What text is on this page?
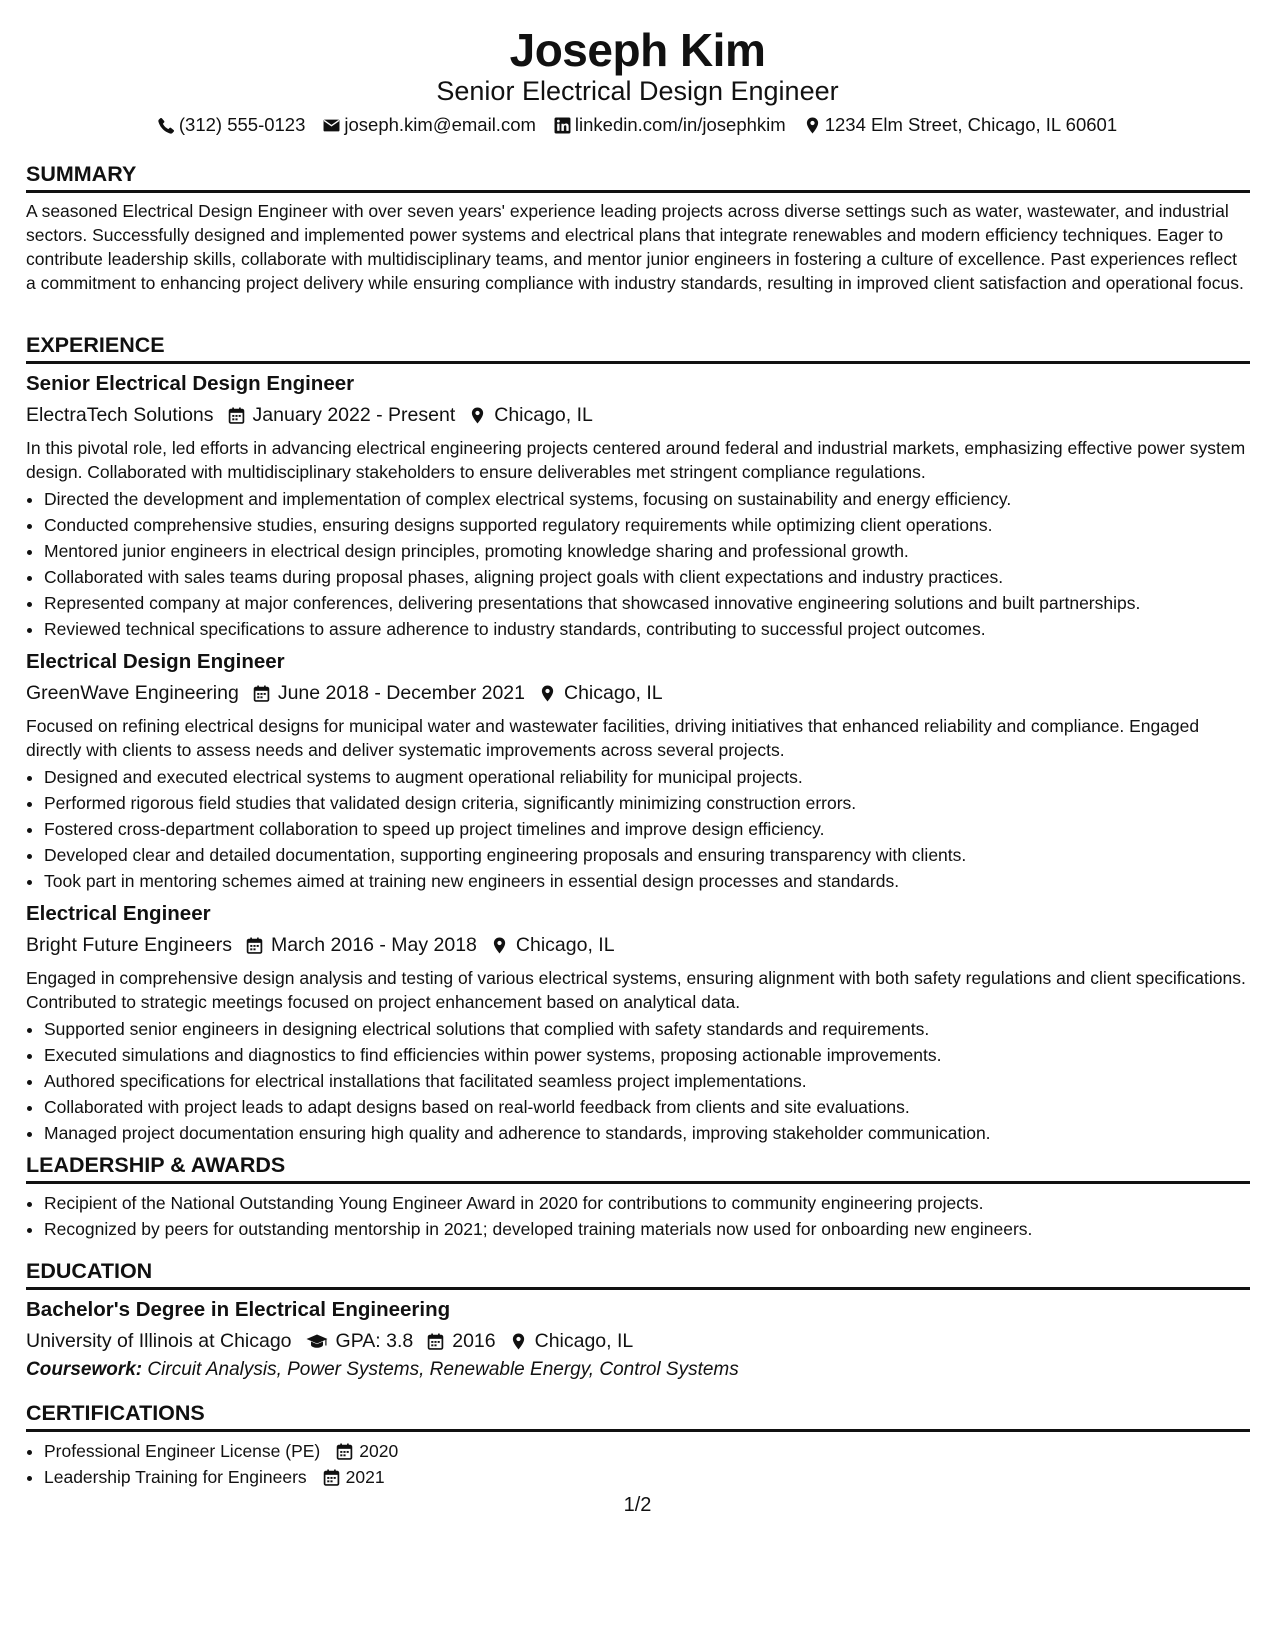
Joseph Kim
Senior Electrical Design Engineer
(312) 555-0123 joseph.kim@email.com linkedin.com/in/josephkim 1234 Elm Street, Chicago, IL 60601
SUMMARY
A seasoned Electrical Design Engineer with over seven years' experience leading projects across diverse settings such as water, wastewater, and industrial sectors. Successfully designed and implemented power systems and electrical plans that integrate renewables and modern efficiency techniques. Eager to contribute leadership skills, collaborate with multidisciplinary teams, and mentor junior engineers in fostering a culture of excellence. Past experiences reflect a commitment to enhancing project delivery while ensuring compliance with industry standards, resulting in improved client satisfaction and operational focus.
EXPERIENCE
Senior Electrical Design Engineer
ElectraTech Solutions January 2022 - Present Chicago, IL
In this pivotal role, led efforts in advancing electrical engineering projects centered around federal and industrial markets, emphasizing effective power system design. Collaborated with multidisciplinary stakeholders to ensure deliverables met stringent compliance regulations.
• Directed the development and implementation of complex electrical systems, focusing on sustainability and energy efficiency.
• Conducted comprehensive studies, ensuring designs supported regulatory requirements while optimizing client operations.
• Mentored junior engineers in electrical design principles, promoting knowledge sharing and professional growth.
• Collaborated with sales teams during proposal phases, aligning project goals with client expectations and industry practices.
• Represented company at major conferences, delivering presentations that showcased innovative engineering solutions and built partnerships.
• Reviewed technical specifications to assure adherence to industry standards, contributing to successful project outcomes.
Electrical Design Engineer
GreenWave Engineering June 2018 - December 2021 Chicago, IL
Focused on refining electrical designs for municipal water and wastewater facilities, driving initiatives that enhanced reliability and compliance. Engaged directly with clients to assess needs and deliver systematic improvements across several projects.
• Designed and executed electrical systems to augment operational reliability for municipal projects.
• Performed rigorous field studies that validated design criteria, significantly minimizing construction errors.
• Fostered cross-department collaboration to speed up project timelines and improve design efficiency.
• Developed clear and detailed documentation, supporting engineering proposals and ensuring transparency with clients.
• Took part in mentoring schemes aimed at training new engineers in essential design processes and standards.
Electrical Engineer
Bright Future Engineers March 2016 - May 2018 Chicago, IL
Engaged in comprehensive design analysis and testing of various electrical systems, ensuring alignment with both safety regulations and client specifications. Contributed to strategic meetings focused on project enhancement based on analytical data.
• Supported senior engineers in designing electrical solutions that complied with safety standards and requirements.
• Executed simulations and diagnostics to find efficiencies within power systems, proposing actionable improvements.
• Authored specifications for electrical installations that facilitated seamless project implementations.
• Collaborated with project leads to adapt designs based on real-world feedback from clients and site evaluations.
• Managed project documentation ensuring high quality and adherence to standards, improving stakeholder communication.
LEADERSHIP & AWARDS
• Recipient of the National Outstanding Young Engineer Award in 2020 for contributions to community engineering projects.
• Recognized by peers for outstanding mentorship in 2021; developed training materials now used for onboarding new engineers.
EDUCATION
Bachelor's Degree in Electrical Engineering
University of Illinois at Chicago GPA: 3.8 2016 Chicago, IL
Coursework: Circuit Analysis, Power Systems, Renewable Energy, Control Systems
CERTIFICATIONS
• Professional Engineer License (PE) 2020
• Leadership Training for Engineers 2021
1/2
